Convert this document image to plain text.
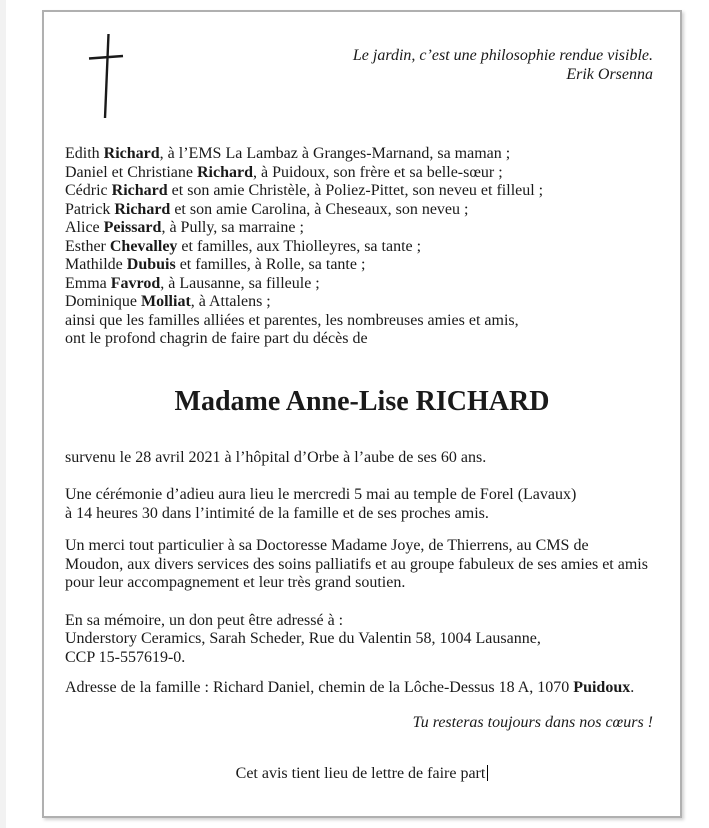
Le jardin, c’est une philosophie rendue visible.
Erik Orsenna
Edith Richard, à l’EMS La Lambaz à Granges-Marnand, sa maman ;
Daniel et Christiane Richard, à Puidoux, son frère et sa belle-sœur ;
Cédric Richard et son amie Christèle, à Poliez-Pittet, son neveu et filleul ;
Patrick Richard et son amie Carolina, à Cheseaux, son neveu ;
Alice Peissard, à Pully, sa marraine ;
Esther Chevalley et familles, aux Thiolleyres, sa tante ;
Mathilde Dubuis et familles, à Rolle, sa tante ;
Emma Favrod, à Lausanne, sa filleule ;
Dominique Molliat, à Attalens ;
ainsi que les familles alliées et parentes, les nombreuses amies et amis,
ont le profond chagrin de faire part du décès de
Madame Anne-Lise RICHARD

survenu le 28 avril 2021 à l’hôpital d’Orbe à l’aube de ses 60 ans.

Une cérémonie d’adieu aura lieu le mercredi 5 mai au temple de Forel (Lavaux)
à 14 heures 30 dans l’intimité de la famille et de ses proches amis.
Un merci tout particulier à sa Doctoresse Madame Joye, de Thierrens, au CMS de
Moudon, aux divers services des soins palliatifs et au groupe fabuleux de ses amies et amis
pour leur accompagnement et leur très grand soutien.
En sa mémoire, un don peut être adressé à :
Understory Ceramics, Sarah Scheder, Rue du Valentin 58, 1004 Lausanne,
CCP 15-557619-0.

Adresse de la famille : Richard Daniel, chemin de la Lôche-Dessus 18 A, 1070 Puidoux.

Tu resteras toujours dans nos cœurs !

Cet avis tient lieu de lettre de faire part
